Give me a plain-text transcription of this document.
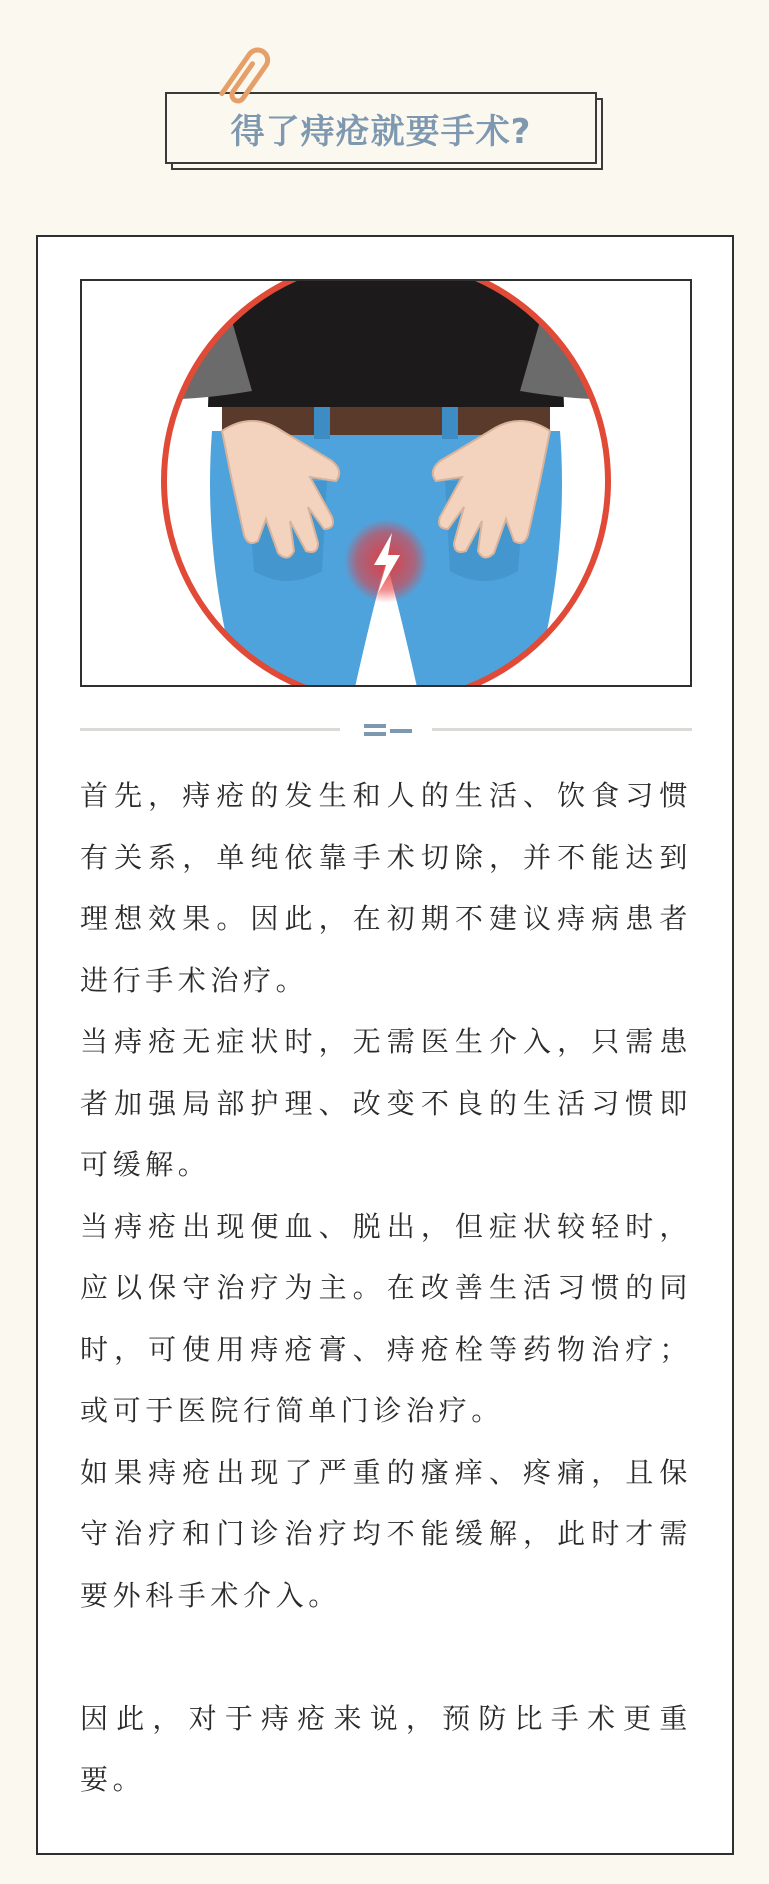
得了痔疮就要手术?

首先，痔疮的发生和人的生活、饮食习惯有关系，单纯依靠手术切除，并不能达到理想效果。因此，在初期不建议痔病患者进行手术治疗。

当痔疮无症状时，无需医生介入，只需患者加强局部护理、改变不良的生活习惯即可缓解。

当痔疮出现便血、脱出，但症状较轻时，应以保守治疗为主。在改善生活习惯的同时，可使用痔疮膏、痔疮栓等药物治疗；或可于医院行简单门诊治疗。

如果痔疮出现了严重的瘙痒、疼痛，且保守治疗和门诊治疗均不能缓解，此时才需要外科手术介入。

因此，对于痔疮来说，预防比手术更重要。
